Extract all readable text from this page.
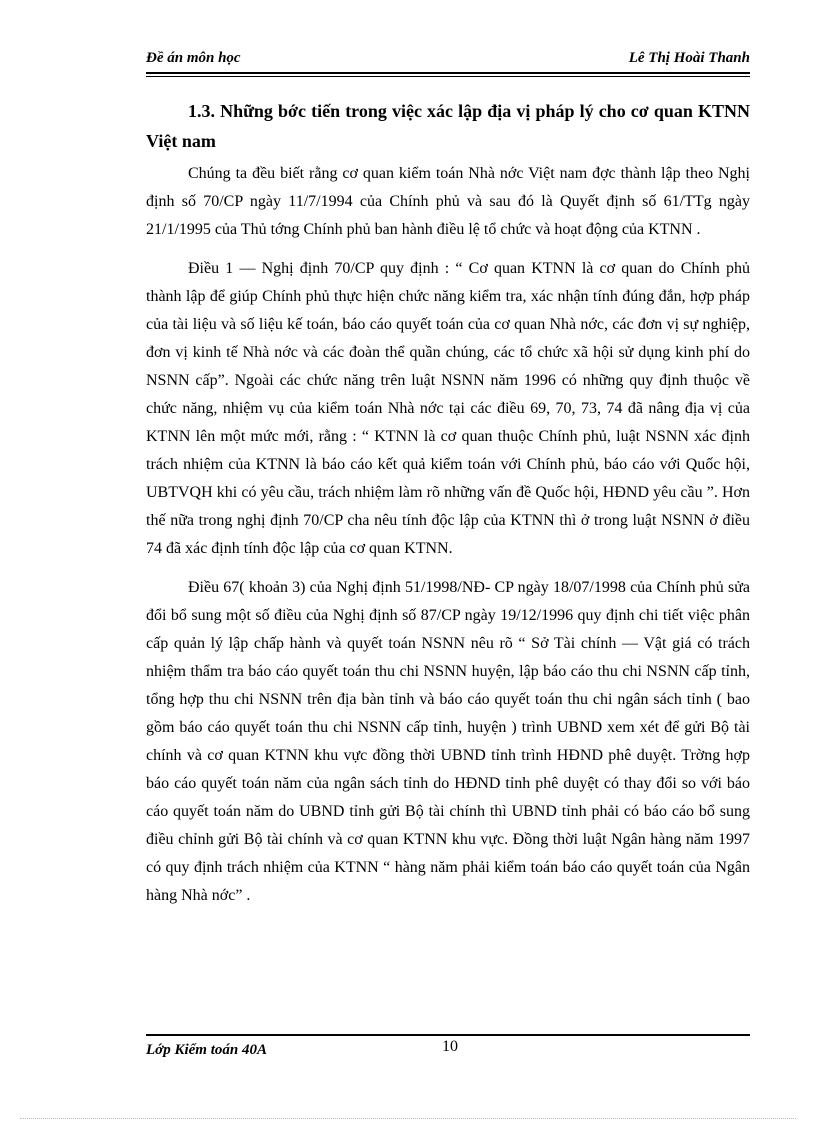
Đề án môn học	Lê Thị Hoài Thanh

1.3. Những bớc tiến trong việc xác lập địa vị pháp lý cho cơ quan KTNN Việt nam

Chúng ta đều biết rằng cơ quan kiểm toán Nhà nớc Việt nam đợc thành lập theo Nghị định số 70/CP ngày 11/7/1994 của Chính phủ và sau đó là Quyết định số 61/TTg ngày 21/1/1995 của Thủ tớng Chính phủ ban hành điều lệ tổ chức và hoạt động của KTNN .

Điều 1 — Nghị định 70/CP quy định : “ Cơ quan KTNN là cơ quan do Chính phủ thành lập để giúp Chính phủ thực hiện chức năng kiểm tra, xác nhận tính đúng đắn, hợp pháp của tài liệu và số liệu kế toán, báo cáo quyết toán của cơ quan Nhà nớc, các đơn vị sự nghiệp, đơn vị kinh tế Nhà nớc và các đoàn thể quần chúng, các tổ chức xã hội sử dụng kinh phí do NSNN cấp”. Ngoài các chức năng trên luật NSNN năm 1996 có những quy định thuộc về chức năng, nhiệm vụ của kiểm toán Nhà nớc tại các điều 69, 70, 73, 74 đã nâng địa vị của KTNN lên một mức mới, rằng : “ KTNN là cơ quan thuộc Chính phủ, luật NSNN xác định trách nhiệm của KTNN là báo cáo kết quả kiểm toán với Chính phủ, báo cáo với Quốc hội, UBTVQH khi có yêu cầu, trách nhiệm làm rõ những vấn đề Quốc hội, HĐND yêu cầu ”. Hơn thế nữa trong nghị định 70/CP cha nêu tính độc lập của KTNN thì ở trong luật NSNN ở điều 74 đã xác định tính độc lập của cơ quan KTNN.

Điều 67( khoản 3) của Nghị định 51/1998/NĐ- CP ngày 18/07/1998 của Chính phủ sửa đổi bổ sung một số điều của Nghị định số 87/CP ngày 19/12/1996 quy định chi tiết việc phân cấp quản lý lập chấp hành và quyết toán NSNN nêu rõ “ Sở Tài chính — Vật giá có trách nhiệm thẩm tra báo cáo quyết toán thu chi NSNN huyện, lập báo cáo thu chi NSNN cấp tỉnh, tổng hợp thu chi NSNN trên địa bàn tỉnh và báo cáo quyết toán thu chi ngân sách tỉnh ( bao gồm báo cáo quyết toán thu chi NSNN cấp tỉnh, huyện ) trình UBND xem xét để gửi Bộ tài chính và cơ quan KTNN khu vực đồng thời UBND tỉnh trình HĐND phê duyệt. Trờng hợp báo cáo quyết toán năm của ngân sách tỉnh do HĐND tỉnh phê duyệt có thay đổi so với báo cáo quyết toán năm do UBND tỉnh gửi Bộ tài chính thì UBND tỉnh phải có báo cáo bổ sung điều chỉnh gửi Bộ tài chính và cơ quan KTNN khu vực. Đồng thời luật Ngân hàng năm 1997 có quy định trách nhiệm của KTNN “ hàng năm phải kiểm toán báo cáo quyết toán của Ngân hàng Nhà nớc” .

Lớp Kiểm toán 40A	10
